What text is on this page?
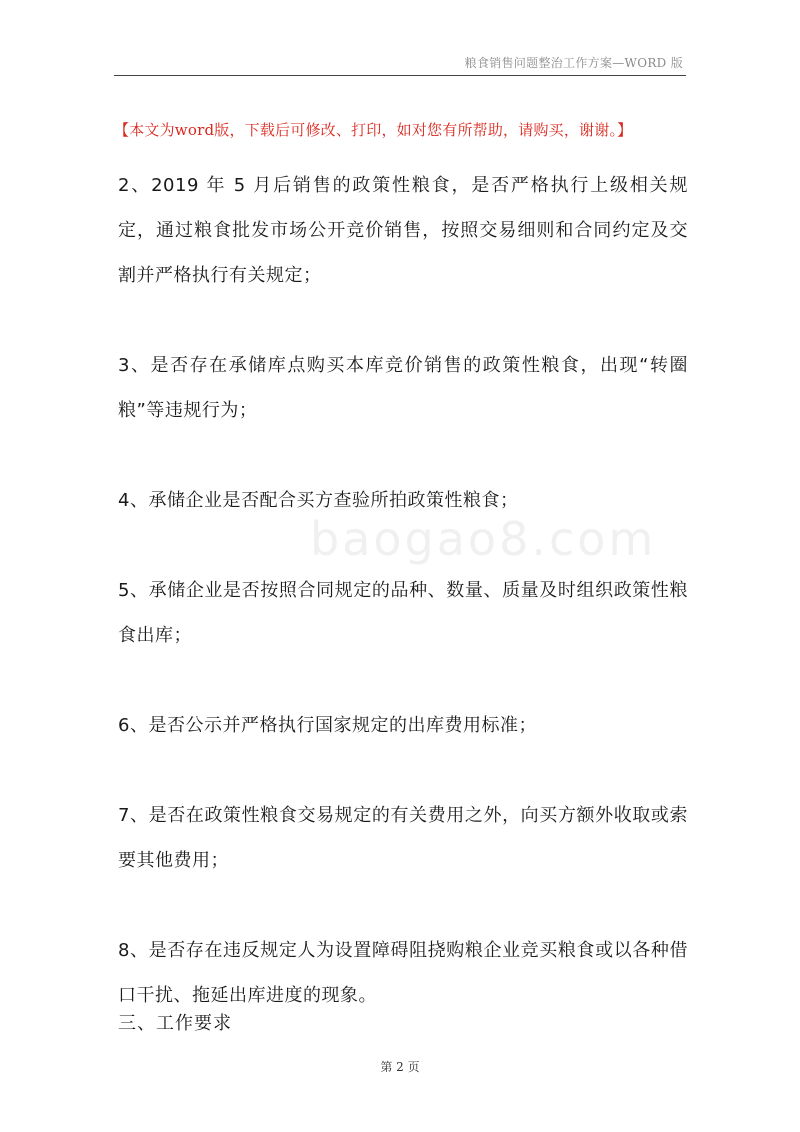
粮食销售问题整治工作方案—WORD 版
【本文为word版，下载后可修改、打印，如对您有所帮助，请购买，谢谢。】
baogao8.com

2、2019 年 5 月后销售的政策性粮食，是否严格执行上级相关规定，通过粮食批发市场公开竞价销售，按照交易细则和合同约定及交割并严格执行有关规定；

3、是否存在承储库点购买本库竞价销售的政策性粮食，出现“转圈粮”等违规行为；

4、承储企业是否配合买方查验所拍政策性粮食；

5、承储企业是否按照合同规定的品种、数量、质量及时组织政策性粮食出库；

6、是否公示并严格执行国家规定的出库费用标准；

7、是否在政策性粮食交易规定的有关费用之外，向买方额外收取或索要其他费用；

8、是否存在违反规定人为设置障碍阻挠购粮企业竞买粮食或以各种借口干扰、拖延出库进度的现象。

三、工作要求
第 2 页
